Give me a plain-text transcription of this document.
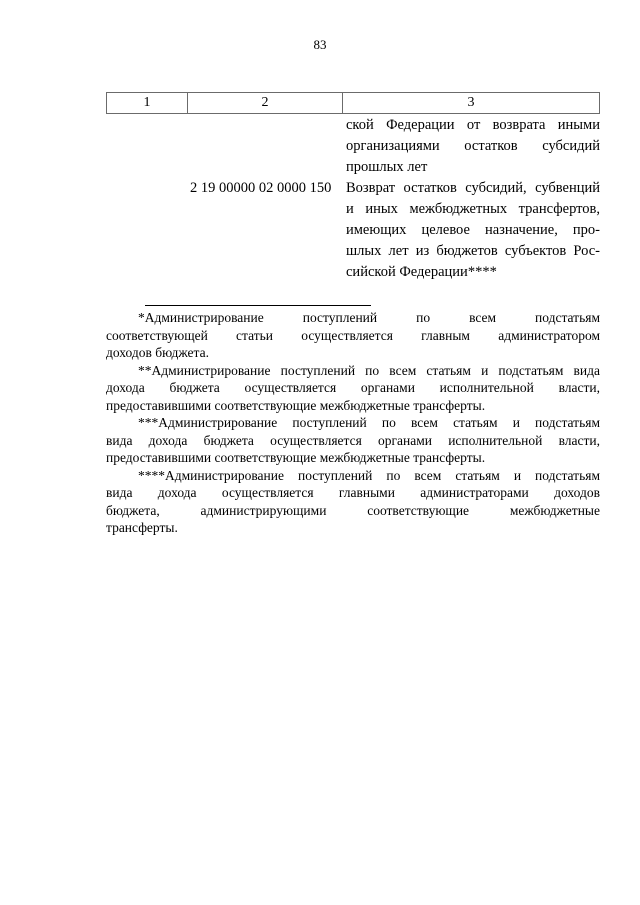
83
1	2	3
ской Федерации от возврата иными
организациями остатков субсидий
прошлых лет
2 19 00000 02 0000 150	Возврат остатков субсидий, субвенций
и иных межбюджетных трансфертов,
имеющих целевое назначение, про-
шлых лет из бюджетов субъектов Рос-
сийской Федерации****
*Администрирование поступлений по всем подстатьям
соответствующей статьи осуществляется главным администратором
доходов бюджета.
**Администрирование поступлений по всем статьям и подстатьям вида
дохода бюджета осуществляется органами исполнительной власти,
предоставившими соответствующие межбюджетные трансферты.
***Администрирование поступлений по всем статьям и подстатьям
вида дохода бюджета осуществляется органами исполнительной власти,
предоставившими соответствующие межбюджетные трансферты.
****Администрирование поступлений по всем статьям и подстатьям
вида дохода осуществляется главными администраторами доходов
бюджета, администрирующими соответствующие межбюджетные
трансферты.
